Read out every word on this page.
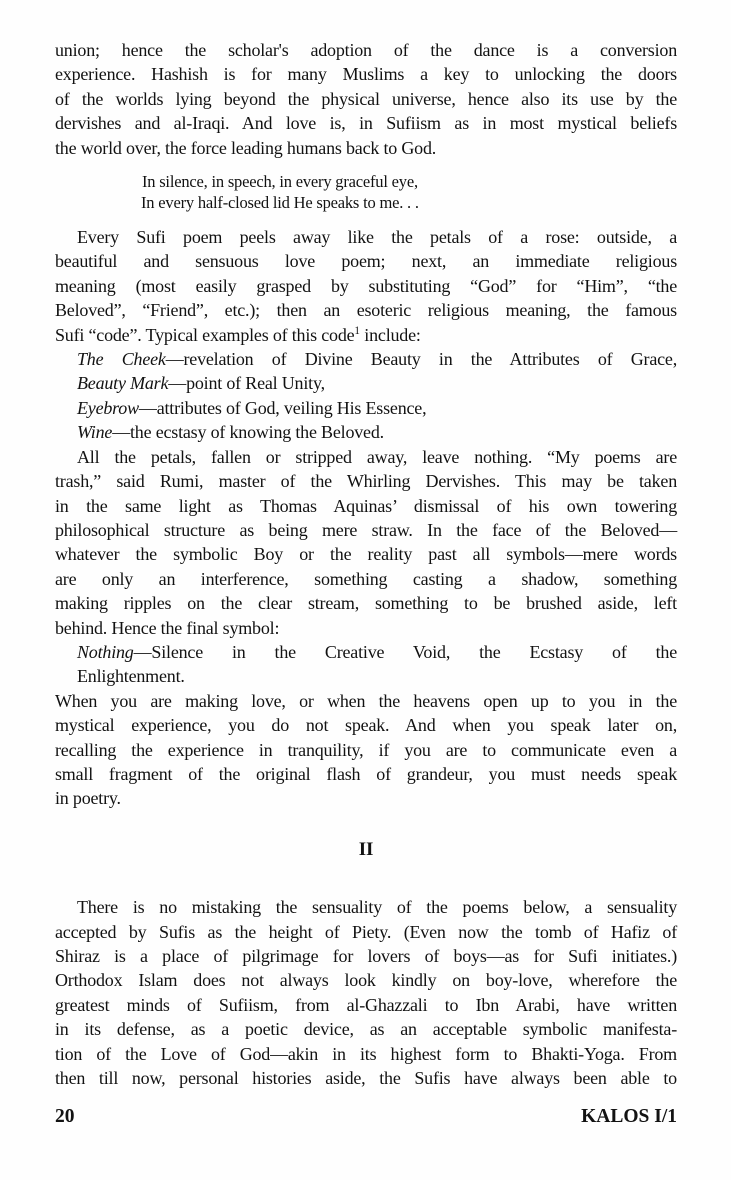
union; hence the scholar's adoption of the dance is a conversion
experience. Hashish is for many Muslims a key to unlocking the doors
of the worlds lying beyond the physical universe, hence also its use by the
dervishes and al-Iraqi. And love is, in Sufiism as in most mystical beliefs
the world over, the force leading humans back to God.
In silence, in speech, in every graceful eye,
In every half-closed lid He speaks to me. . .
Every Sufi poem peels away like the petals of a rose: outside, a
beautiful and sensuous love poem; next, an immediate religious
meaning (most easily grasped by substituting “God” for “Him”, “the
Beloved”, “Friend”, etc.); then an esoteric religious meaning, the famous
Sufi “code”. Typical examples of this code$^1$ include:
The Cheek—revelation of Divine Beauty in the Attributes of Grace,
Beauty Mark—point of Real Unity,
Eyebrow—attributes of God, veiling His Essence,
Wine—the ecstasy of knowing the Beloved.
All the petals, fallen or stripped away, leave nothing. “My poems are
trash,” said Rumi, master of the Whirling Dervishes. This may be taken
in the same light as Thomas Aquinas’ dismissal of his own towering
philosophical structure as being mere straw. In the face of the Beloved—
whatever the symbolic Boy or the reality past all symbols—mere words
are only an interference, something casting a shadow, something
making ripples on the clear stream, something to be brushed aside, left
behind. Hence the final symbol:
Nothing—Silence in the Creative Void, the Ecstasy of the
Enlightenment.
When you are making love, or when the heavens open up to you in the
mystical experience, you do not speak. And when you speak later on,
recalling the experience in tranquility, if you are to communicate even a
small fragment of the original flash of grandeur, you must needs speak
in poetry.
II
There is no mistaking the sensuality of the poems below, a sensuality
accepted by Sufis as the height of Piety. (Even now the tomb of Hafiz of
Shiraz is a place of pilgrimage for lovers of boys—as for Sufi initiates.)
Orthodox Islam does not always look kindly on boy-love, wherefore the
greatest minds of Sufiism, from al-Ghazzali to Ibn Arabi, have written
in its defense, as a poetic device, as an acceptable symbolic manifesta-
tion of the Love of God—akin in its highest form to Bhakti-Yoga. From
then till now, personal histories aside, the Sufis have always been able to
20	KALOS I/1
